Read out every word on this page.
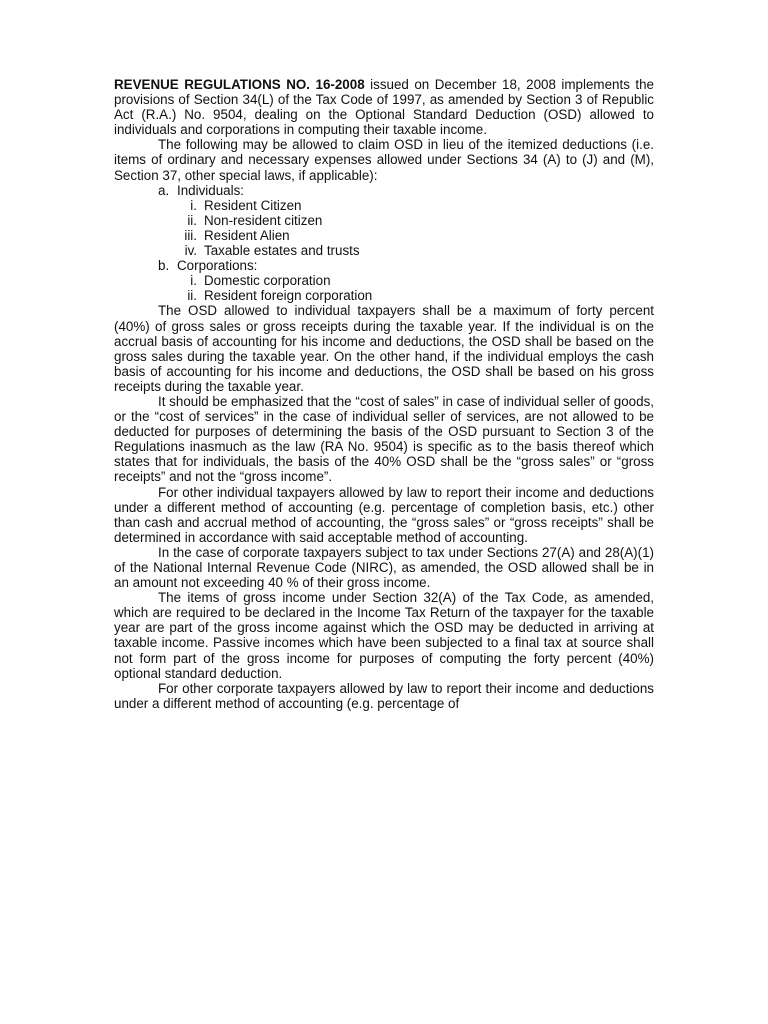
REVENUE REGULATIONS NO. 16-2008 issued on December 18, 2008 implements the provisions of Section 34(L) of the Tax Code of 1997, as amended by Section 3 of Republic Act (R.A.) No. 9504, dealing on the Optional Standard Deduction (OSD) allowed to individuals and corporations in computing their taxable income.

The following may be allowed to claim OSD in lieu of the itemized deductions (i.e. items of ordinary and necessary expenses allowed under Sections 34 (A) to (J) and (M), Section 37, other special laws, if applicable):

a. Individuals:
i. Resident Citizen
ii. Non-resident citizen
iii. Resident Alien
iv. Taxable estates and trusts
b. Corporations:
i. Domestic corporation
ii. Resident foreign corporation

The OSD allowed to individual taxpayers shall be a maximum of forty percent (40%) of gross sales or gross receipts during the taxable year. If the individual is on the accrual basis of accounting for his income and deductions, the OSD shall be based on the gross sales during the taxable year. On the other hand, if the individual employs the cash basis of accounting for his income and deductions, the OSD shall be based on his gross receipts during the taxable year.

It should be emphasized that the “cost of sales” in case of individual seller of goods, or the “cost of services” in the case of individual seller of services, are not allowed to be deducted for purposes of determining the basis of the OSD pursuant to Section 3 of the Regulations inasmuch as the law (RA No. 9504) is specific as to the basis thereof which states that for individuals, the basis of the 40% OSD shall be the “gross sales” or “gross receipts” and not the “gross income”.

For other individual taxpayers allowed by law to report their income and deductions under a different method of accounting (e.g. percentage of completion basis, etc.) other than cash and accrual method of accounting, the “gross sales” or “gross receipts” shall be determined in accordance with said acceptable method of accounting.

In the case of corporate taxpayers subject to tax under Sections 27(A) and 28(A)(1) of the National Internal Revenue Code (NIRC), as amended, the OSD allowed shall be in an amount not exceeding 40 % of their gross income.

The items of gross income under Section 32(A) of the Tax Code, as amended, which are required to be declared in the Income Tax Return of the taxpayer for the taxable year are part of the gross income against which the OSD may be deducted in arriving at taxable income. Passive incomes which have been subjected to a final tax at source shall not form part of the gross income for purposes of computing the forty percent (40%) optional standard deduction.

For other corporate taxpayers allowed by law to report their income and deductions under a different method of accounting (e.g. percentage of
